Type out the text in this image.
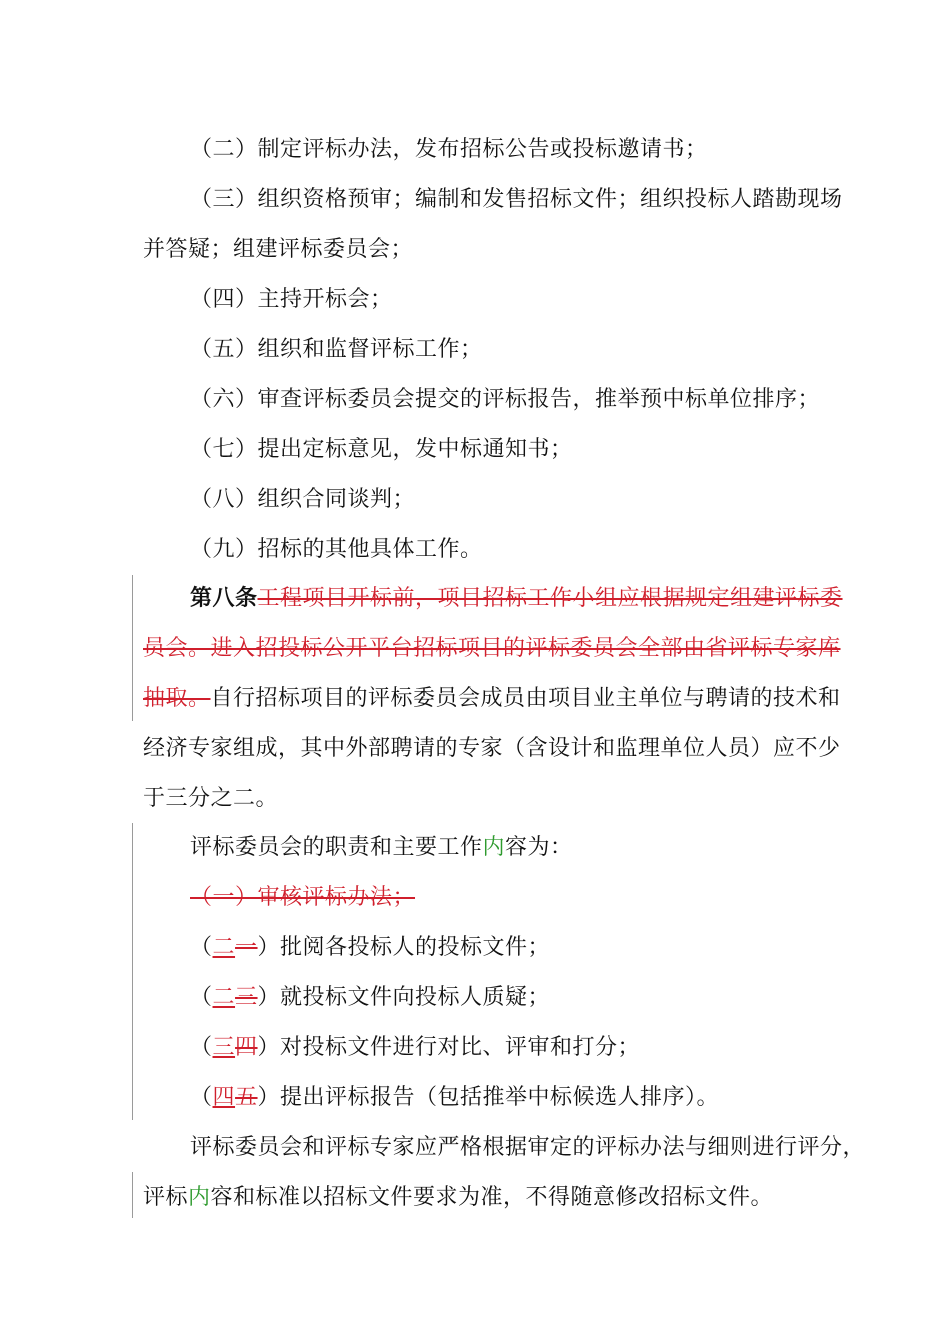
（二）制定评标办法，发布招标公告或投标邀请书；
（三）组织资格预审；编制和发售招标文件；组织投标人踏勘现场
并答疑；组建评标委员会；
（四）主持开标会；
（五）组织和监督评标工作；
（六）审查评标委员会提交的评标报告，推举预中标单位排序；
（七）提出定标意见，发中标通知书；
（八）组织合同谈判；
（九）招标的其他具体工作。
第八条工程项目开标前，项目招标工作小组应根据规定组建评标委
员会。进入招投标公开平台招标项目的评标委员会全部由省评标专家库
抽取。自行招标项目的评标委员会成员由项目业主单位与聘请的技术和
经济专家组成，其中外部聘请的专家（含设计和监理单位人员）应不少
于三分之二。
评标委员会的职责和主要工作内容为：
（一）审核评标办法；
（二一）批阅各投标人的投标文件；
（二三）就投标文件向投标人质疑；
（三四）对投标文件进行对比、评审和打分；
（四五）提出评标报告（包括推举中标候选人排序）。
评标委员会和评标专家应严格根据审定的评标办法与细则进行评分，
评标内容和标准以招标文件要求为准，不得随意修改招标文件。
